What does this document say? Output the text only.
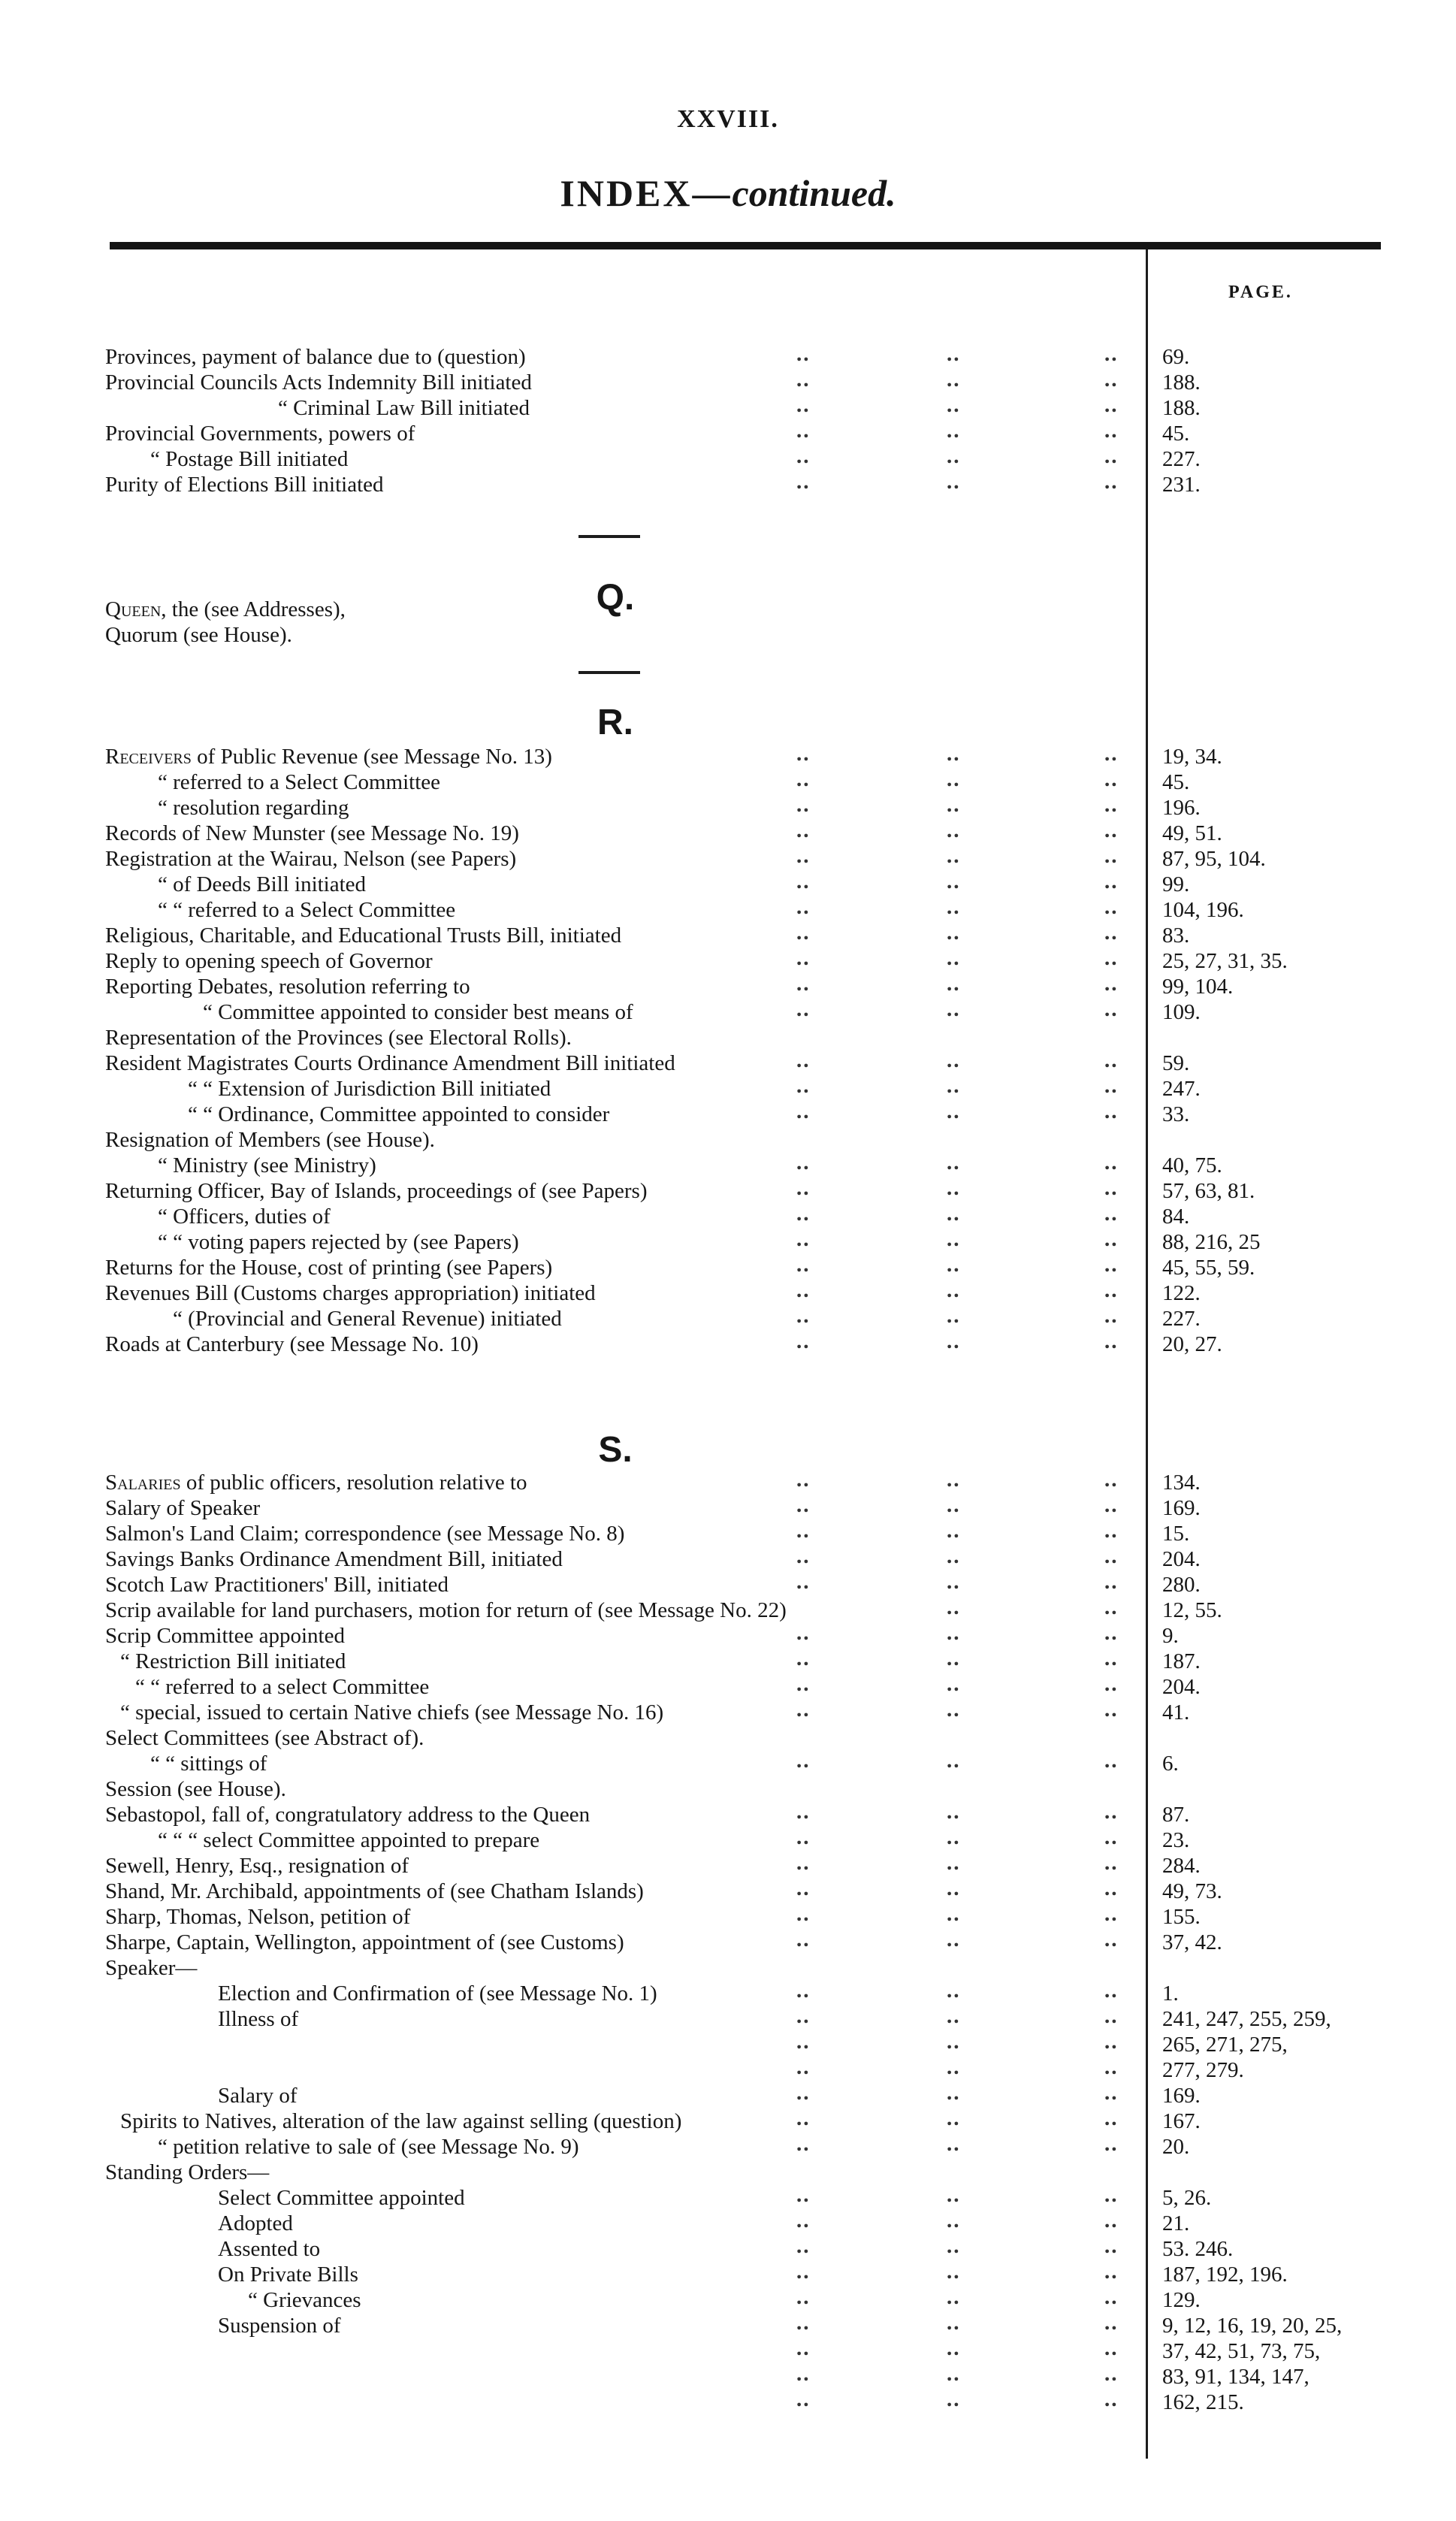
XXVIII.
INDEX—continued.
PAGE.
Q.
R.
S.
Provinces, payment of balance due to (question)	..	..	.. 69.
Provincial Councils Acts Indemnity Bill initiated	..	..	.. 188.
“ Criminal Law Bill initiated	..	..	.. 188.
Provincial Governments, powers of	..	..	.. 45.
“ Postage Bill initiated	..	..	.. 227.
Purity of Elections Bill initiated	..	..	.. 231.
Queen, the (see Addresses),
Quorum (see House).
Receivers of Public Revenue (see Message No. 13)	..	..	.. 19, 34.
“ referred to a Select Committee	..	..	.. 45.
“ resolution regarding	..	..	.. 196.
Records of New Munster (see Message No. 19)	..	..	.. 49, 51.
Registration at the Wairau, Nelson (see Papers)	..	..	.. 87, 95, 104.
“ of Deeds Bill initiated	..	..	.. 99.
“ “ referred to a Select Committee	..	..	.. 104, 196.
Religious, Charitable, and Educational Trusts Bill, initiated	..	..	.. 83.
Reply to opening speech of Governor	..	..	.. 25, 27, 31, 35.
Reporting Debates, resolution referring to	..	..	.. 99, 104.
“ Committee appointed to consider best means of	..	..	.. 109.
Representation of the Provinces (see Electoral Rolls).
Resident Magistrates Courts Ordinance Amendment Bill initiated	..	..	.. 59.
“ “ Extension of Jurisdiction Bill initiated	..	..	.. 247.
“ “ Ordinance, Committee appointed to consider	..	..	.. 33.
Resignation of Members (see House).
“ Ministry (see Ministry)	..	..	.. 40, 75.
Returning Officer, Bay of Islands, proceedings of (see Papers)	..	..	.. 57, 63, 81.
“ Officers, duties of	..	..	.. 84.
“ “ voting papers rejected by (see Papers)	..	..	.. 88, 216, 25
Returns for the House, cost of printing (see Papers)	..	..	.. 45, 55, 59.
Revenues Bill (Customs charges appropriation) initiated	..	..	.. 122.
“ (Provincial and General Revenue) initiated	..	..	.. 227.
Roads at Canterbury (see Message No. 10)	..	..	.. 20, 27.
Salaries of public officers, resolution relative to	..	..	.. 134.
Salary of Speaker	..	..	.. 169.
Salmon's Land Claim; correspondence (see Message No. 8)	..	..	.. 15.
Savings Banks Ordinance Amendment Bill, initiated	..	..	.. 204.
Scotch Law Practitioners' Bill, initiated	..	..	.. 280.
Scrip available for land purchasers, motion for return of (see Message No. 22)	..	.. 12, 55.
Scrip Committee appointed	..	..	.. 9.
“ Restriction Bill initiated	..	..	.. 187.
“ “ referred to a select Committee	..	..	.. 204.
“ special, issued to certain Native chiefs (see Message No. 16)	..	..	.. 41.
Select Committees (see Abstract of).
“ “ sittings of	..	..	.. 6.
Session (see House).
Sebastopol, fall of, congratulatory address to the Queen	..	..	.. 87.
“ “ “ select Committee appointed to prepare	..	..	.. 23.
Sewell, Henry, Esq., resignation of	..	..	.. 284.
Shand, Mr. Archibald, appointments of (see Chatham Islands)	..	..	.. 49, 73.
Sharp, Thomas, Nelson, petition of	..	..	.. 155.
Sharpe, Captain, Wellington, appointment of (see Customs)	..	..	.. 37, 42.
Speaker—
Election and Confirmation of (see Message No. 1)	..	..	.. 1.
Illness of	..	..	.. 241, 247, 255, 259,
..	..	.. 265, 271, 275,
..	..	.. 277, 279.
Salary of	..	..	.. 169.
Spirits to Natives, alteration of the law against selling (question)	..	..	.. 167.
“ petition relative to sale of (see Message No. 9)	..	..	.. 20.
Standing Orders—
Select Committee appointed	..	..	.. 5, 26.
Adopted	..	..	.. 21.
Assented to	..	..	.. 53. 246.
On Private Bills	..	..	.. 187, 192, 196.
“ Grievances	..	..	.. 129.
Suspension of	..	..	.. 9, 12, 16, 19, 20, 25,
..	..	.. 37, 42, 51, 73, 75,
..	..	.. 83, 91, 134, 147,
..	..	.. 162, 215.
